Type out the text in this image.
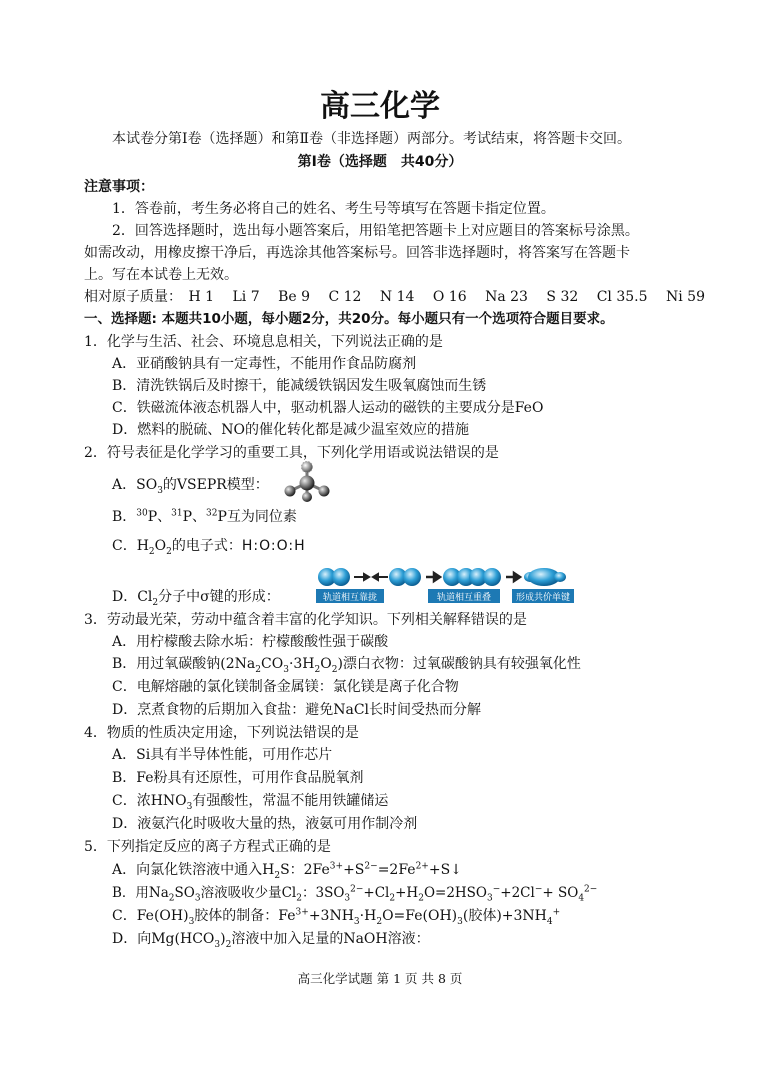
高三化学
本试卷分第Ⅰ卷（选择题）和第Ⅱ卷（非选择题）两部分。考试结束，将答题卡交回。
第Ⅰ卷（选择题　共40分）
注意事项：
1．答卷前，考生务必将自己的姓名、考生号等填写在答题卡指定位置。
2．回答选择题时，选出每小题答案后，用铅笔把答题卡上对应题目的答案标号涂黑。
如需改动，用橡皮擦干净后，再选涂其他答案标号。回答非选择题时，将答案写在答题卡
上。写在本试卷上无效。
相对原子质量： H 1 Li 7 Be 9 C 12 N 14 O 16 Na 23 S 32 Cl 35.5 Ni 59
一、选择题: 本题共10小题，每小题2分，共20分。每小题只有一个选项符合题目要求。
1．化学与生活、社会、环境息息相关，下列说法正确的是
A．亚硝酸钠具有一定毒性，不能用作食品防腐剂
B．清洗铁锅后及时擦干，能减缓铁锅因发生吸氧腐蚀而生锈
C．铁磁流体液态机器人中，驱动机器人运动的磁铁的主要成分是FeO
D．燃料的脱硫、NO的催化转化都是减少温室效应的措施
2．符号表征是化学学习的重要工具，下列化学用语或说法错误的是
A．$SO_3$的VSEPR模型：
B．$^{30}$P、$^{31}$P、$^{32}$P互为同位素
C．$H_2O_2$的电子式：H:O:O:H
D．$Cl_2$分子中σ键的形成：	轨道相互靠拢	轨道相互重叠	形成共价单键
3．劳动最光荣，劳动中蕴含着丰富的化学知识。下列相关解释错误的是
A．用柠檬酸去除水垢：柠檬酸酸性强于碳酸
B．用过氧碳酸钠$(2Na_2CO_3\cdot 3H_2O_2)$漂白衣物：过氧碳酸钠具有较强氧化性
C．电解熔融的氯化镁制备金属镁：氯化镁是离子化合物
D．烹煮食物的后期加入食盐：避免NaCl长时间受热而分解
4．物质的性质决定用途，下列说法错误的是
A．Si具有半导体性能，可用作芯片
B．Fe粉具有还原性，可用作食品脱氧剂
C．浓$HNO_3$有强酸性，常温不能用铁罐储运
D．液氨汽化时吸收大量的热，液氨可用作制冷剂
5．下列指定反应的离子方程式正确的是
A．向氯化铁溶液中通入$H_2S$：$2Fe^{3+}+S^{2-}=2Fe^{2+}+S↓$
B．用$Na_2SO_3$溶液吸收少量$Cl_2$：$3SO_3^{2-}+Cl_2+H_2O=2HSO_3^-+2Cl^-+ SO_4^{2-}$
C．$Fe(OH)_3$胶体的制备：$Fe^{3+}+3NH_3\cdot H_2O=Fe(OH)_3$(胶体)$+3NH_4^+$
D．向$Mg(HCO_3)_2$溶液中加入足量的NaOH溶液：
高三化学试题 第 1 页 共 8 页
